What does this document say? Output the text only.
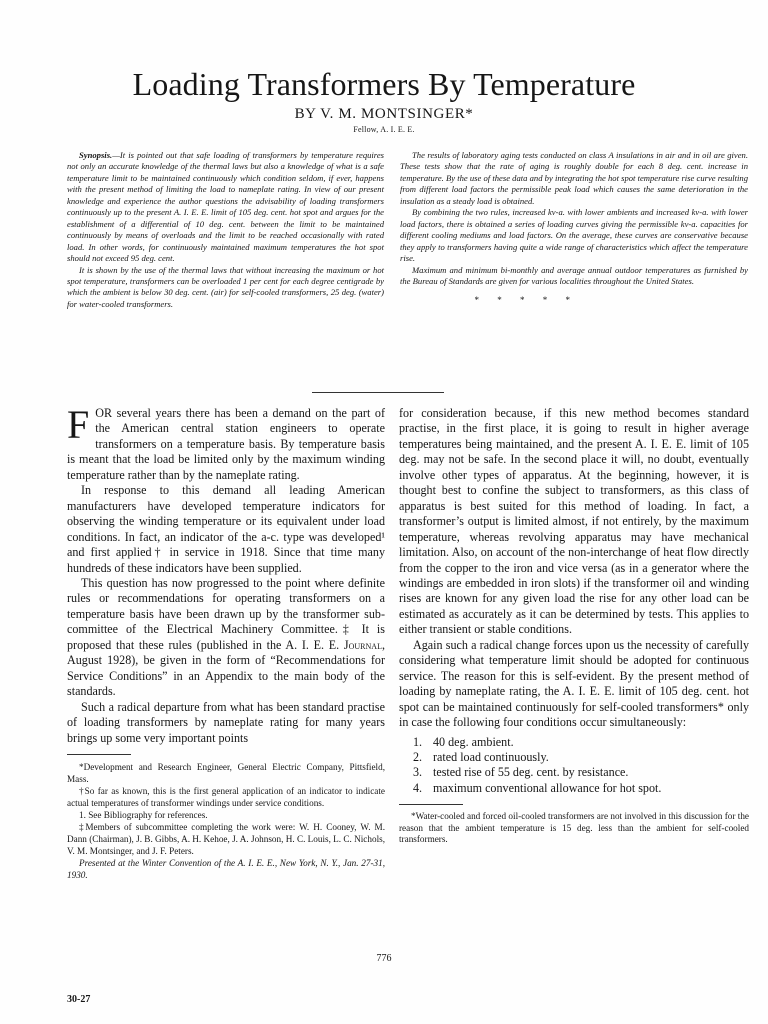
Loading Transformers By Temperature
BY V. M. MONTSINGER*
Fellow, A. I. E. E.

Synopsis.—It is pointed out that safe loading of transformers by temperature requires not only an accurate knowledge of the thermal laws but also a knowledge of what is a safe temperature limit to be maintained continuously which condition seldom, if ever, happens with the present method of limiting the load to nameplate rating. In view of our present knowledge and experience the author questions the advisability of loading transformers continuously up to the present A. I. E. E. limit of 105 deg. cent. hot spot and argues for the establishment of a differential of 10 deg. cent. between the limit to be maintained continuously by means of overloads and the limit to be reached occasionally with rated load. In other words, for continuously maintained maximum temperatures the hot spot should not exceed 95 deg. cent.

It is shown by the use of the thermal laws that without increasing the maximum or hot spot temperature, transformers can be overloaded 1 per cent for each degree centigrade by which the ambient is below 30 deg. cent. (air) for self-cooled transformers, 25 deg. (water) for water-cooled transformers.

The results of laboratory aging tests conducted on class A insulations in air and in oil are given. These tests show that the rate of aging is roughly double for each 8 deg. cent. increase in temperature. By the use of these data and by integrating the hot spot temperature rise curve resulting from different load factors the permissible peak load which causes the same deterioration in the insulation as a steady load is obtained.

By combining the two rules, increased kv-a. with lower ambients and increased kv-a. with lower load factors, there is obtained a series of loading curves giving the permissible kv-a. capacities for different cooling mediums and load factors. On the average, these curves are conservative because they apply to transformers having quite a wide range of characteristics which affect the temperature rise.

Maximum and minimum bi-monthly and average annual outdoor temperatures as furnished by the Bureau of Standards are given for various localities throughout the United States.

* * * * *

FOR several years there has been a demand on the part of the American central station engineers to operate transformers on a temperature basis. By temperature basis is meant that the load be limited only by the maximum winding temperature rather than by the nameplate rating.

In response to this demand all leading American manufacturers have developed temperature indicators for observing the winding temperature or its equivalent under load conditions. In fact, an indicator of the a-c. type was developed¹ and first applied† in service in 1918. Since that time many hundreds of these indicators have been supplied.

This question has now progressed to the point where definite rules or recommendations for operating transformers on a temperature basis have been drawn up by the transformer sub-committee of the Electrical Machinery Committee.‡ It is proposed that these rules (published in the A. I. E. E. Journal, August 1928), be given in the form of “Recommendations for Service Conditions” in an Appendix to the main body of the standards.

Such a radical departure from what has been standard practise of loading transformers by nameplate rating for many years brings up some very important points

*Development and Research Engineer, General Electric Company, Pittsfield, Mass.

†So far as known, this is the first general application of an indicator to indicate actual temperatures of transformer windings under service conditions.

1. See Bibliography for references.

‡Members of subcommittee completing the work were: W. H. Cooney, W. M. Dann (Chairman), J. B. Gibbs, A. H. Kehoe, J. A. Johnson, H. C. Louis, L. C. Nichols, V. M. Montsinger, and J. F. Peters.

Presented at the Winter Convention of the A. I. E. E., New York, N. Y., Jan. 27-31, 1930.

for consideration because, if this new method becomes standard practise, in the first place, it is going to result in higher average temperatures being maintained, and the present A. I. E. E. limit of 105 deg. may not be safe. In the second place it will, no doubt, eventually involve other types of apparatus. At the beginning, however, it is thought best to confine the subject to transformers, as this class of apparatus is best suited for this method of loading. In fact, a transformer’s output is limited almost, if not entirely, by the maximum temperature, whereas revolving apparatus may have mechanical limitation. Also, on account of the non-interchange of heat flow directly from the copper to the iron and vice versa (as in a generator where the windings are embedded in iron slots) if the transformer oil and winding rises are known for any given load the rise for any other load can be estimated as accurately as it can be determined by tests. This applies to either transient or stable conditions.

Again such a radical change forces upon us the necessity of carefully considering what temperature limit should be adopted for continuous service. The reason for this is self-evident. By the present method of loading by nameplate rating, the A. I. E. E. limit of 105 deg. cent. hot spot can be maintained continuously for self-cooled transformers* only in case the following four conditions occur simultaneously:

1. 40 deg. ambient.
2. rated load continuously.
3. tested rise of 55 deg. cent. by resistance.
4. maximum conventional allowance for hot spot.

*Water-cooled and forced oil-cooled transformers are not involved in this discussion for the reason that the ambient temperature is 15 deg. less than the ambient for self-cooled transformers.

776
30-27
